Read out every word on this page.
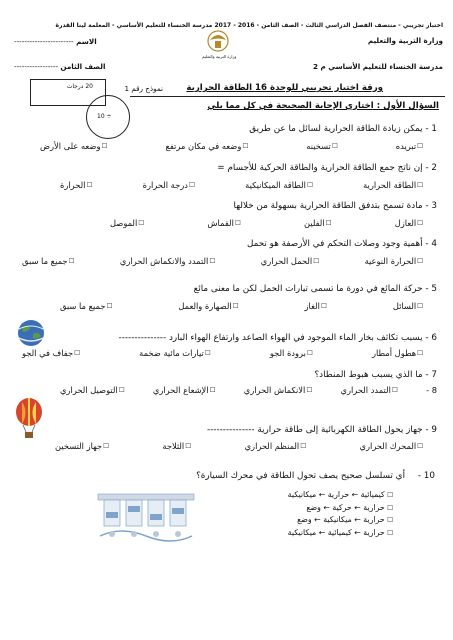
اختبار تجريبي - منتصف الفصل الدراسي الثالث - الصف الثامن - 2016 - 2017 مدرسة الخنساء للتعليم الأساسي - المعلمة لينا القدرة
وزارة التربية والتعليم
الاسم -----------------------
وزارة التربية والتعليم
مدرسة الخنساء للتعليم الأساسي م 2
الصف الثامن -----------------
20 درجات
10 ÷
ورقة اختبار تجريبي للوحدة 16 الطاقة الحرارية
نموذج رقم 1
السؤال الأول : اختاري الإجابة الصحيحة في كل مما يلي
1 - يمكن زيادة الطاقة الحرارية لسائل ما عن طريق
☐
تبريده
☐
تسخينه
☐
وضعه في مكان مرتفع
☐
وضعه على الأرض
2 - إن ناتج جمع الطاقة الحرارية والطاقة الحركية للأجسام =
☐
الطاقة الحرارية
☐
الطاقة الميكانيكية
☐
درجة الحرارة
☐
الحرارة
3 - مادة تسمح بتدفق الطاقة الحرارية بسهولة من خلالها
☐
العازل
☐
الفلين
☐
القماش
☐
الموصل
4 - أهمية وجود وصلات التحكم في الأرصفة هو تحمل
☐
الحرارة النوعية
☐
الحمل الحراري
☐
التمدد والانكماش الحراري
☐
جميع ما سبق
5 - حركة المائع في دورة ما تسمى تيارات الحمل لكن ما معنى مائع
☐
السائل
☐
الغاز
☐
الصهارة والعمل
☐
جميع ما سبق
6 - يسبب تكاثف بخار الماء الموجود في الهواء الصاعد وارتفاع الهواء البارد ---------------
☐
هطول أمطار
☐
برودة الجو
☐
تيارات مائية ضخمة
☐
جفاف في الجو
7 - ما الذي يسبب هبوط المنطاد؟
8 -
☐
التمدد الحراري
☐
الانكماش الحراري
☐
الإشعاع الحراري
☐
التوصيل الحراري
9 - جهاز يحول الطاقة الكهربائية إلى طاقة حرارية ---------------
☐
المحرك الحراري
☐
المنظم الحراري
☐
الثلاجة
☐
جهاز التسخين
10 - أي تسلسل صحيح يصف تحول الطاقة في محرك السيارة؟
☐ كيميائية ← حرارية ← ميكانيكية
☐ حرارية ← حركية ← وضع
☐ حرارية ← ميكانيكية ← وضع
☐ حرارية ← كيميائية ← ميكانيكية
